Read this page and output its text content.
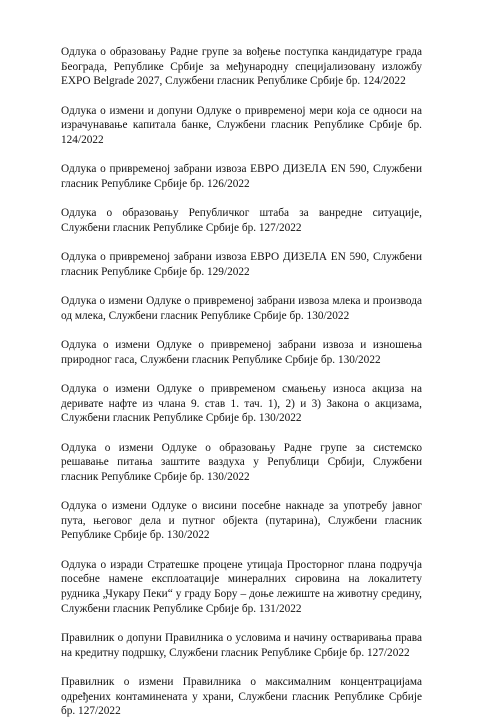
Одлука о образовању Радне групе за вођење поступка кандидатуре града Београда, Републике Србије за међународну специјализовану изложбу EXPO Belgrade 2027, Службени гласник Републике Србије бр. 124/2022
Одлука о измени и допуни Одлуке о привременој мери која се односи на израчунавање капитала банке, Службени гласник Републике Србије бр. 124/2022
Одлука о привременој забрани извоза ЕВРО ДИЗЕЛА ЕN 590, Службени гласник Републике Србије бр. 126/2022
Одлука о образовању Републичког штаба за ванредне ситуације, Службени гласник Републике Србије бр. 127/2022
Одлука о привременој забрани извоза ЕВРО ДИЗЕЛА ЕN 590, Службени гласник Републике Србије бр. 129/2022
Одлука о измени Одлуке о привременој забрани извоза млека и производа од млека, Службени гласник Републике Србије бр. 130/2022
Одлука о измени Одлуке о привременој забрани извоза и изношења природног гаса, Службени гласник Републике Србије бр. 130/2022
Одлука о измени Одлуке о привременом смањењу износа акциза на деривате нафте из члана 9. став 1. тач. 1), 2) и 3) Закона о акцизама, Службени гласник Републике Србије бр. 130/2022
Одлука о измени Одлуке о образовању Радне групе за системско решавање питања заштите ваздуха у Републици Србији, Службени гласник Републике Србије бр. 130/2022
Одлука о измени Одлуке о висини посебне накнаде за употребу јавног пута, његовог дела и путног објекта (путарина), Службени гласник Републике Србије бр. 130/2022
Одлука о изради Стратешке процене утицаја Просторног плана подручја посебне намене експлоатације минералних сировина на локалитету рудника „Чукару Пеки“ у граду Бору – доње лежиште на животну средину, Службени гласник Републике Србије бр. 131/2022
Правилник о допуни Правилника о условима и начину остваривања права на кредитну подршку, Службени гласник Републике Србије бр. 127/2022
Правилник о измени Правилника о максималним концентрацијама одређених контаминената у храни, Службени гласник Републике Србије бр. 127/2022
